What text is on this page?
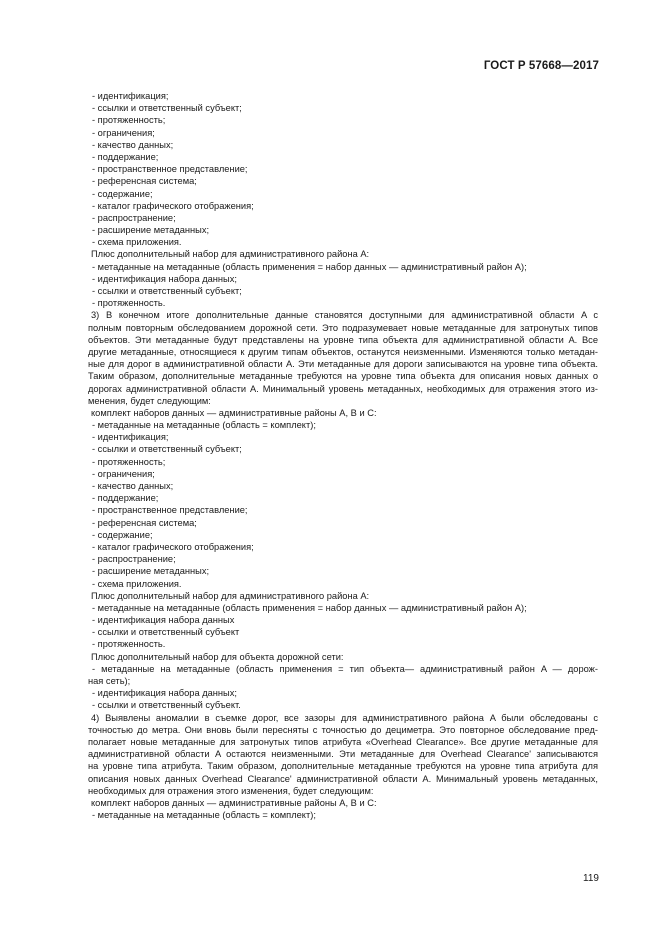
ГОСТ Р 57668—2017
- идентификация;
- ссылки и ответственный субъект;
- протяженность;
- ограничения;
- качество данных;
- поддержание;
- пространственное представление;
- референсная система;
- содержание;
- каталог графического отображения;
- распространение;
- расширение метаданных;
- схема приложения.
Плюс дополнительный набор для административного района A:
- метаданные на метаданные (область применения = набор данных — административный район A);
- идентификация набора данных;
- ссылки и ответственный субъект;
- протяженность.
3) В конечном итоге дополнительные данные становятся доступными для административной области A с
полным повторным обследованием дорожной сети. Это подразумевает новые метаданные для затронутых типов
объектов. Эти метаданные будут представлены на уровне типа объекта для административной области A. Все
другие метаданные, относящиеся к другим типам объектов, останутся неизменными. Изменяются только метадан-
ные для дорог в административной области A. Эти метаданные для дороги записываются на уровне типа объекта.
Таким образом, дополнительные метаданные требуются на уровне типа объекта для описания новых данных о
дорогах административной области A. Минимальный уровень метаданных, необходимых для отражения этого из-
менения, будет следующим:
комплект наборов данных — административные районы A, B и C:
- метаданные на метаданные (область = комплект);
- идентификация;
- ссылки и ответственный субъект;
- протяженность;
- ограничения;
- качество данных;
- поддержание;
- пространственное представление;
- референсная система;
- содержание;
- каталог графического отображения;
- распространение;
- расширение метаданных;
- схема приложения.
Плюс дополнительный набор для административного района A:
- метаданные на метаданные (область применения = набор данных — административный район A);
- идентификация набора данных
- ссылки и ответственный субъект
- протяженность.
Плюс дополнительный набор для объекта дорожной сети:
- метаданные на метаданные (область применения = тип объекта— административный район A — дорож-
ная сеть);
- идентификация набора данных;
- ссылки и ответственный субъект.
4) Выявлены аномалии в съемке дорог, все зазоры для административного района A были обследованы с
точностью до метра. Они вновь были пересняты с точностью до дециметра. Это повторное обследование пред-
полагает новые метаданные для затронутых типов атрибута «Overhead Clearance». Все другие метаданные для
административной области A остаются неизменными. Эти метаданные для Overhead Clearance' записываются
на уровне типа атрибута. Таким образом, дополнительные метаданные требуются на уровне типа атрибута для
описания новых данных Overhead Clearance' административной области A. Минимальный уровень метаданных,
необходимых для отражения этого изменения, будет следующим:
комплект наборов данных — административные районы A, B и C:
- метаданные на метаданные (область = комплект);
119
